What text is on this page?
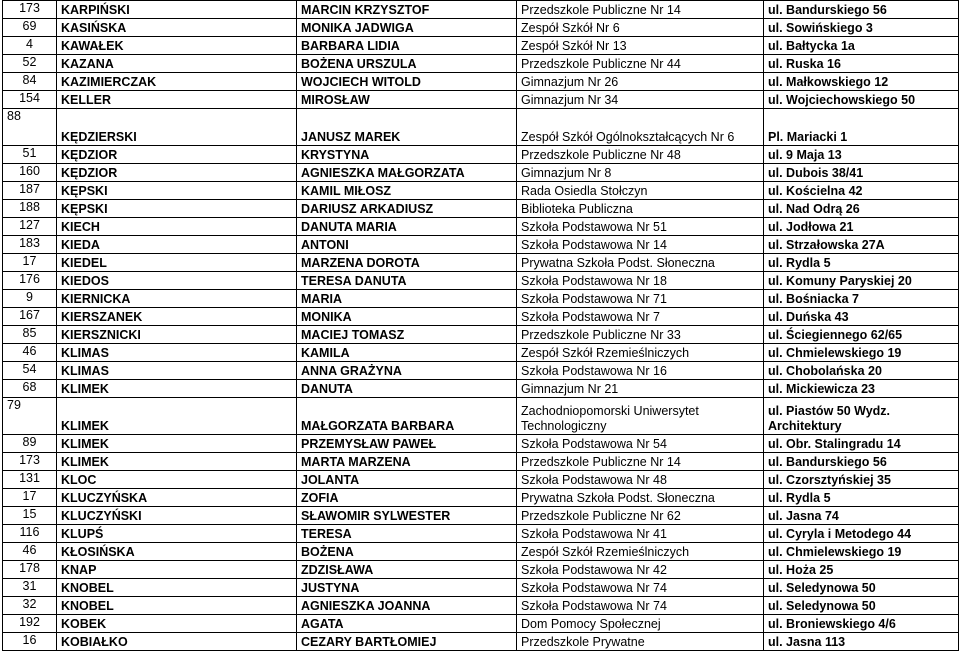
173	KARPIŃSKI	MARCIN KRZYSZTOF	Przedszkole Publiczne Nr 14	ul. Bandurskiego 56
69	KASIŃSKA	MONIKA JADWIGA	Zespół Szkół Nr 6	ul. Sowińskiego 3
4	KAWAŁEK	BARBARA LIDIA	Zespół Szkół Nr 13	ul. Bałtycka 1a
52	KAZANA	BOŻENA URSZULA	Przedszkole Publiczne Nr 44	ul. Ruska 16
84	KAZIMIERCZAK	WOJCIECH WITOLD	Gimnazjum Nr 26	ul. Małkowskiego 12
154	KELLER	MIROSŁAW	Gimnazjum Nr 34	ul. Wojciechowskiego 50
88	KĘDZIERSKI	JANUSZ MAREK	Zespół Szkół Ogólnokształcących Nr 6	Pl. Mariacki 1
51	KĘDZIOR	KRYSTYNA	Przedszkole Publiczne Nr 48	ul. 9 Maja 13
160	KĘDZIOR	AGNIESZKA MAŁGORZATA	Gimnazjum Nr 8	ul. Dubois 38/41
187	KĘPSKI	KAMIL MIŁOSZ	Rada Osiedla Stołczyn	ul. Kościelna 42
188	KĘPSKI	DARIUSZ ARKADIUSZ	Biblioteka Publiczna	ul. Nad Odrą 26
127	KIECH	DANUTA MARIA	Szkoła Podstawowa Nr 51	ul. Jodłowa 21
183	KIEDA	ANTONI	Szkoła Podstawowa Nr 14	ul. Strzałowska 27A
17	KIEDEL	MARZENA DOROTA	Prywatna Szkoła Podst. Słoneczna	ul. Rydla 5
176	KIEDOS	TERESA DANUTA	Szkoła Podstawowa Nr 18	ul. Komuny Paryskiej 20
9	KIERNICKA	MARIA	Szkoła Podstawowa Nr 71	ul. Bośniacka 7
167	KIERSZANEK	MONIKA	Szkoła Podstawowa Nr 7	ul. Duńska 43
85	KIERSZNICKI	MACIEJ TOMASZ	Przedszkole Publiczne Nr 33	ul. Ściegiennego 62/65
46	KLIMAS	KAMILA	Zespół Szkół Rzemieślniczych	ul. Chmielewskiego 19
54	KLIMAS	ANNA GRAŻYNA	Szkoła Podstawowa Nr 16	ul. Chobolańska 20
68	KLIMEK	DANUTA	Gimnazjum Nr 21	ul. Mickiewicza 23
79	KLIMEK	MAŁGORZATA BARBARA	Zachodniopomorski Uniwersytet Technologiczny	ul. Piastów 50 Wydz. Architektury
89	KLIMEK	PRZEMYSŁAW PAWEŁ	Szkoła Podstawowa Nr 54	ul. Obr. Stalingradu 14
173	KLIMEK	MARTA MARZENA	Przedszkole Publiczne Nr 14	ul. Bandurskiego 56
131	KLOC	JOLANTA	Szkoła Podstawowa Nr 48	ul. Czorsztyńskiej 35
17	KLUCZYŃSKA	ZOFIA	Prywatna Szkoła Podst. Słoneczna	ul. Rydla 5
15	KLUCZYŃSKI	SŁAWOMIR SYLWESTER	Przedszkole Publiczne Nr 62	ul. Jasna 74
116	KLUPŚ	TERESA	Szkoła Podstawowa Nr 41	ul. Cyryla i Metodego 44
46	KŁOSIŃSKA	BOŻENA	Zespół Szkół Rzemieślniczych	ul. Chmielewskiego 19
178	KNAP	ZDZISŁAWA	Szkoła Podstawowa Nr 42	ul. Hoża 25
31	KNOBEL	JUSTYNA	Szkoła Podstawowa Nr 74	ul. Seledynowa 50
32	KNOBEL	AGNIESZKA JOANNA	Szkoła Podstawowa Nr 74	ul. Seledynowa 50
192	KOBEK	AGATA	Dom Pomocy Społecznej	ul. Broniewskiego 4/6
16	KOBIAŁKO	CEZARY BARTŁOMIEJ	Przedszkole Prywatne	ul. Jasna 113
